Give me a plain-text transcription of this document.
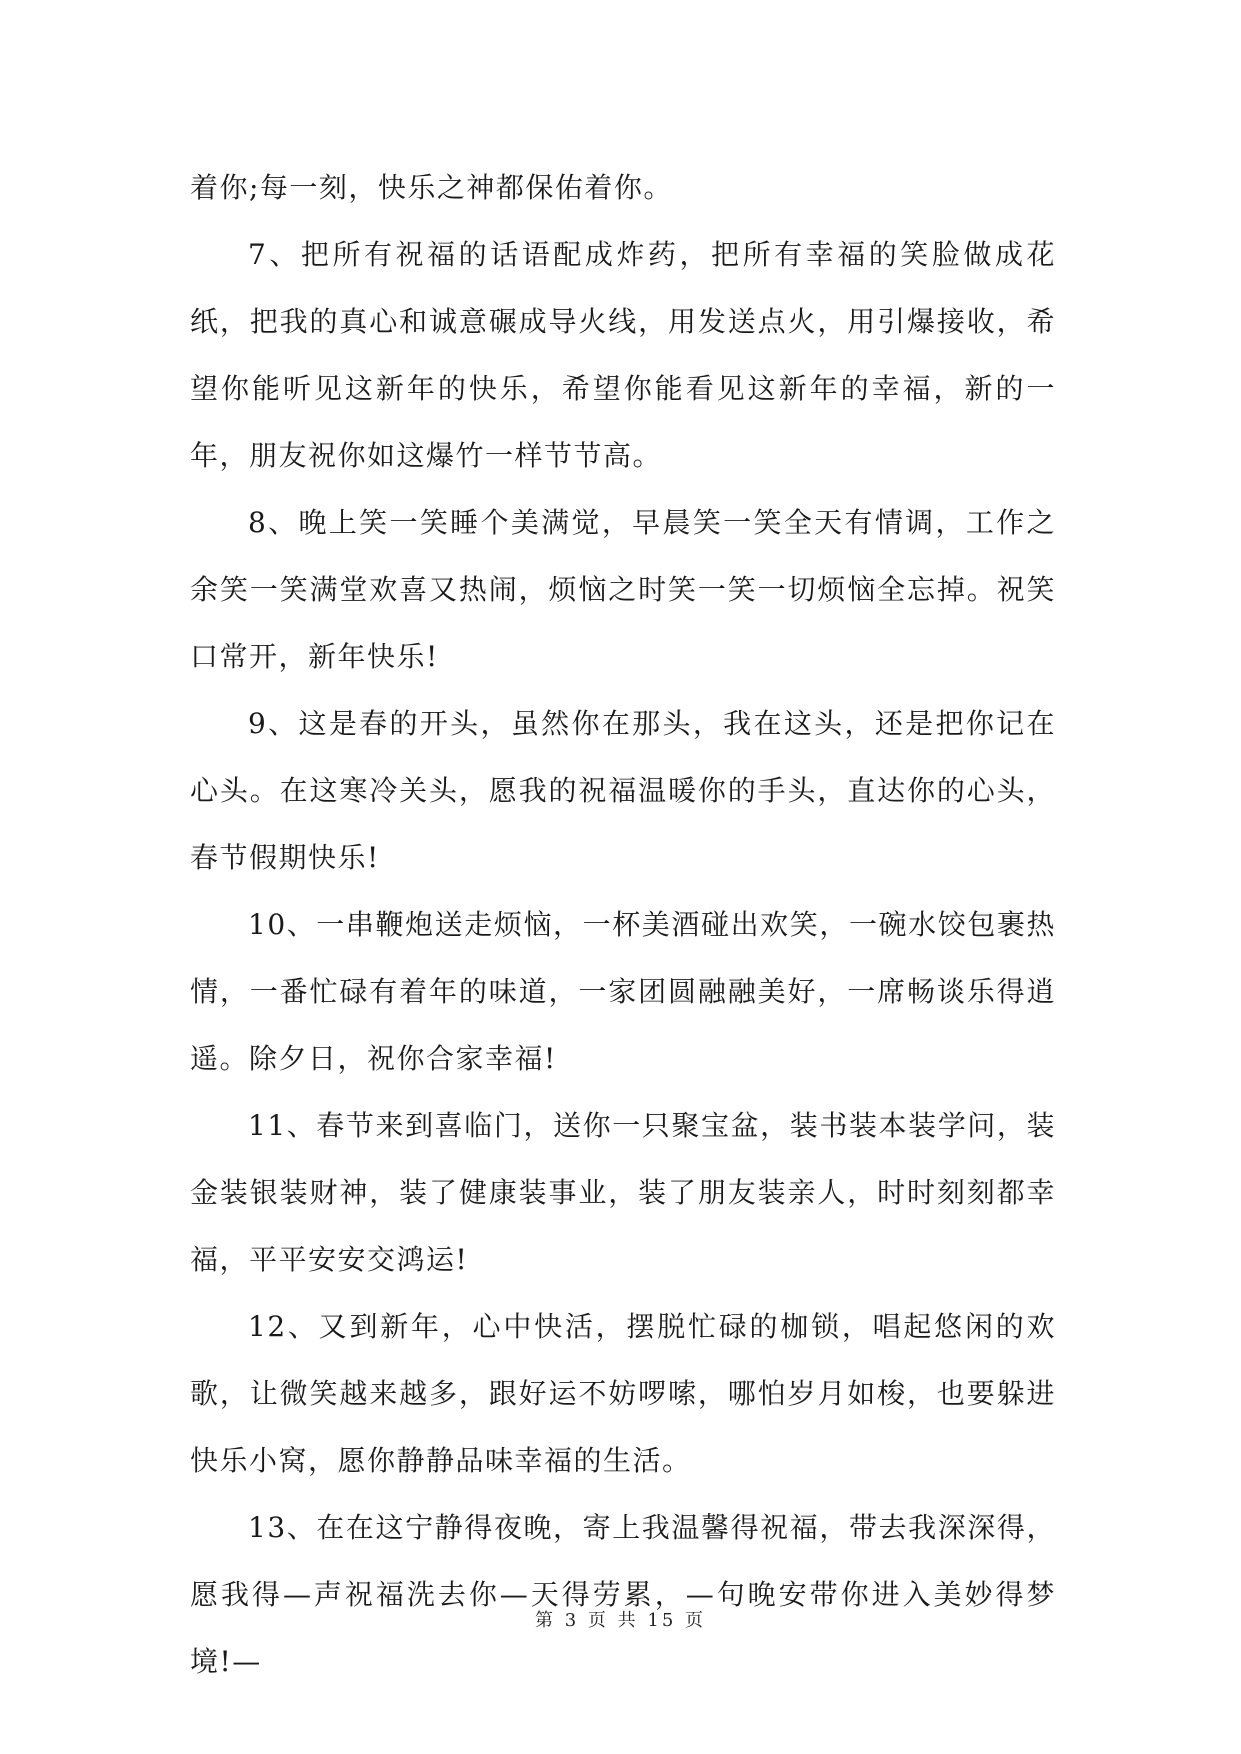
着你;每一刻，快乐之神都保佑着你。

7、把所有祝福的话语配成炸药，把所有幸福的笑脸做成花纸，把我的真心和诚意碾成导火线，用发送点火，用引爆接收，希望你能听见这新年的快乐，希望你能看见这新年的幸福，新的一年，朋友祝你如这爆竹一样节节高。

8、晚上笑一笑睡个美满觉，早晨笑一笑全天有情调，工作之余笑一笑满堂欢喜又热闹，烦恼之时笑一笑一切烦恼全忘掉。祝笑口常开，新年快乐!

9、这是春的开头，虽然你在那头，我在这头，还是把你记在心头。在这寒冷关头，愿我的祝福温暖你的手头，直达你的心头，春节假期快乐!

10、一串鞭炮送走烦恼，一杯美酒碰出欢笑，一碗水饺包裹热情，一番忙碌有着年的味道，一家团圆融融美好，一席畅谈乐得逍遥。除夕日，祝你合家幸福!

11、春节来到喜临门，送你一只聚宝盆，装书装本装学问，装金装银装财神，装了健康装事业，装了朋友装亲人，时时刻刻都幸福，平平安安交鸿运!

12、又到新年，心中快活，摆脱忙碌的枷锁，唱起悠闲的欢歌，让微笑越来越多，跟好运不妨啰嗦，哪怕岁月如梭，也要躲进快乐小窝，愿你静静品味幸福的生活。

13、在在这宁静得夜晚，寄上我温馨得祝福，带去我深深得，愿我得—声祝福洗去你—天得劳累，—句晚安带你进入美妙得梦境!—

第 3 页 共 15 页
